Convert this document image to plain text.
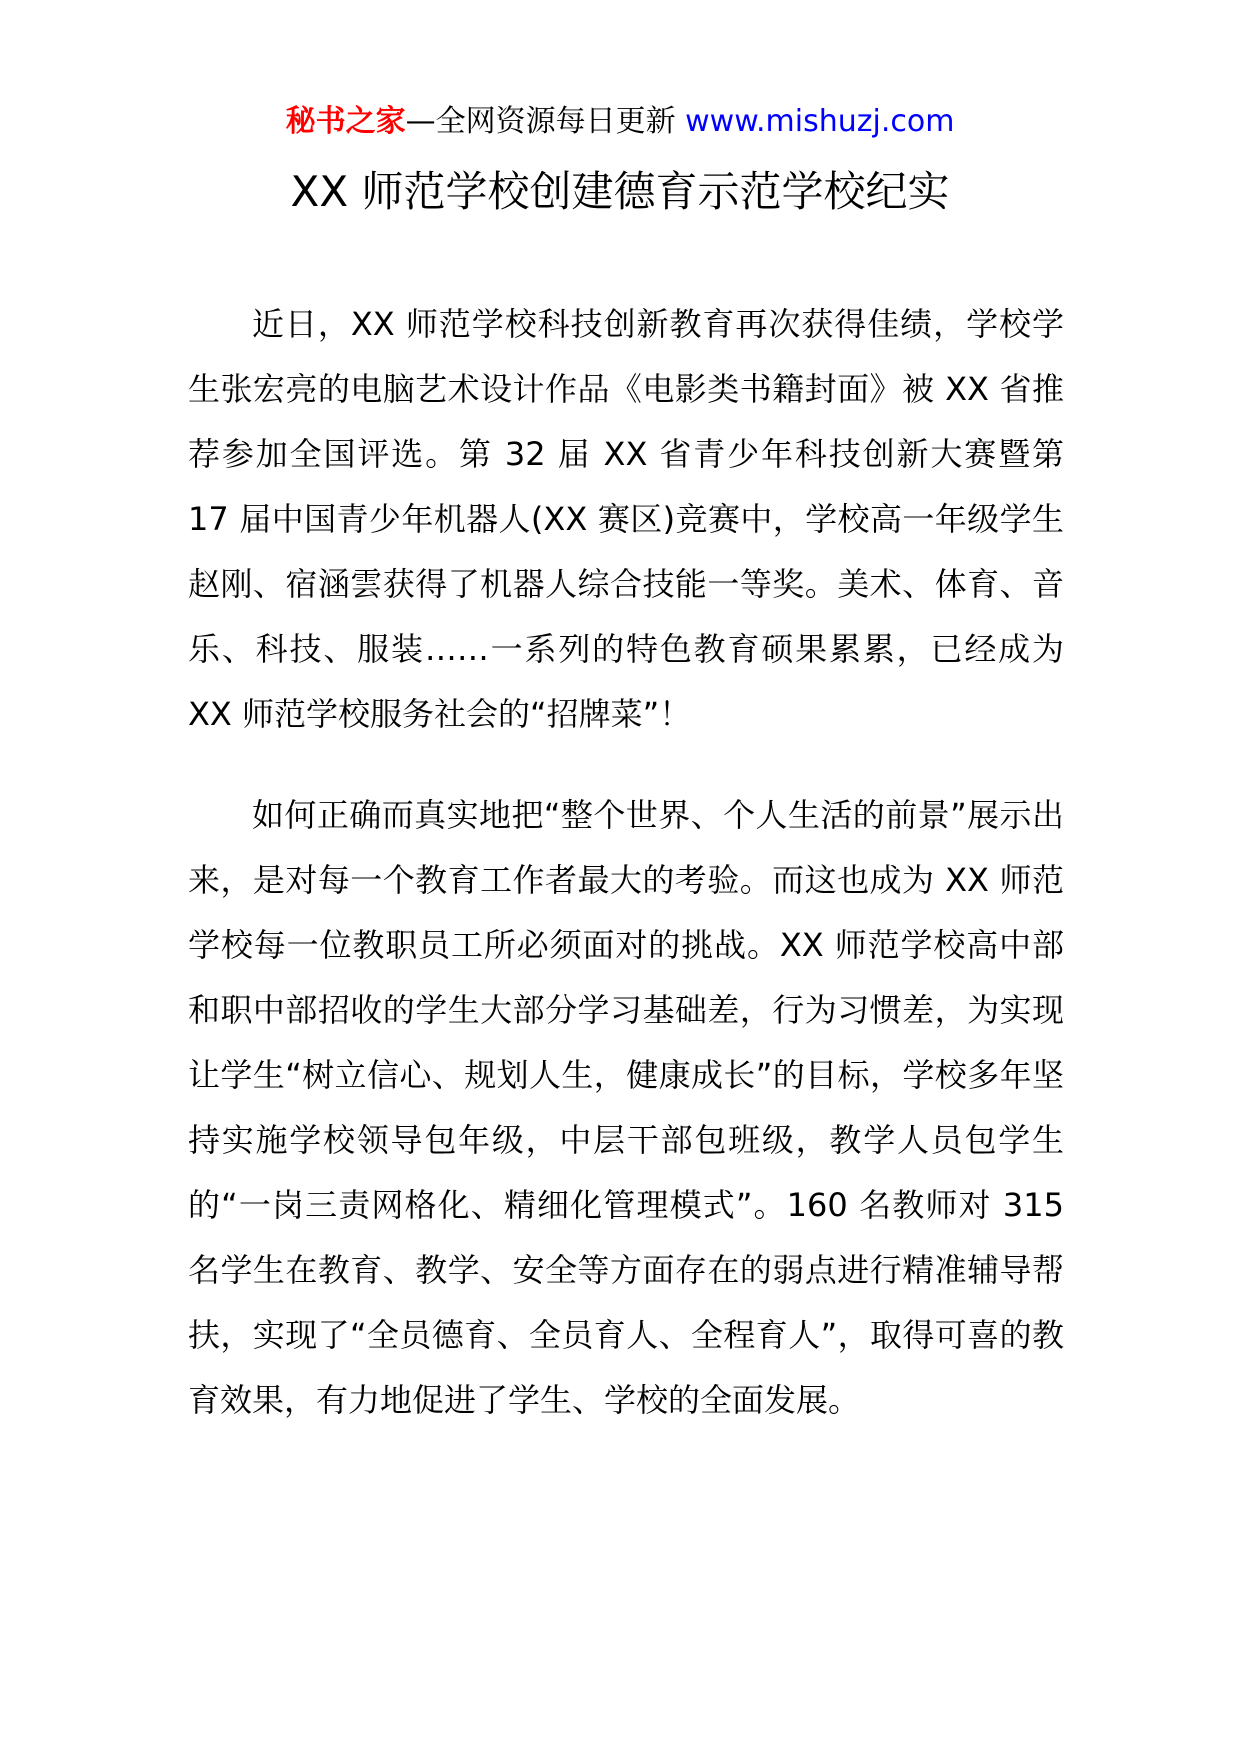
秘书之家—全网资源每日更新 www.mishuzj.com
XX 师范学校创建德育示范学校纪实

近日，XX 师范学校科技创新教育再次获得佳绩，学校学生张宏亮的电脑艺术设计作品《电影类书籍封面》被 XX 省推荐参加全国评选。第 32 届 XX 省青少年科技创新大赛暨第 17 届中国青少年机器人(XX 赛区)竞赛中，学校高一年级学生赵刚、宿涵雲获得了机器人综合技能一等奖。美术、体育、音乐、科技、服装……一系列的特色教育硕果累累，已经成为 XX 师范学校服务社会的“招牌菜”！

如何正确而真实地把“整个世界、个人生活的前景”展示出来，是对每一个教育工作者最大的考验。而这也成为 XX 师范学校每一位教职员工所必须面对的挑战。XX 师范学校高中部和职中部招收的学生大部分学习基础差，行为习惯差，为实现让学生“树立信心、规划人生，健康成长”的目标，学校多年坚持实施学校领导包年级，中层干部包班级，教学人员包学生的“一岗三责网格化、精细化管理模式”。160 名教师对 315 名学生在教育、教学、安全等方面存在的弱点进行精准辅导帮扶，实现了“全员德育、全员育人、全程育人”，取得可喜的教育效果，有力地促进了学生、学校的全面发展。
